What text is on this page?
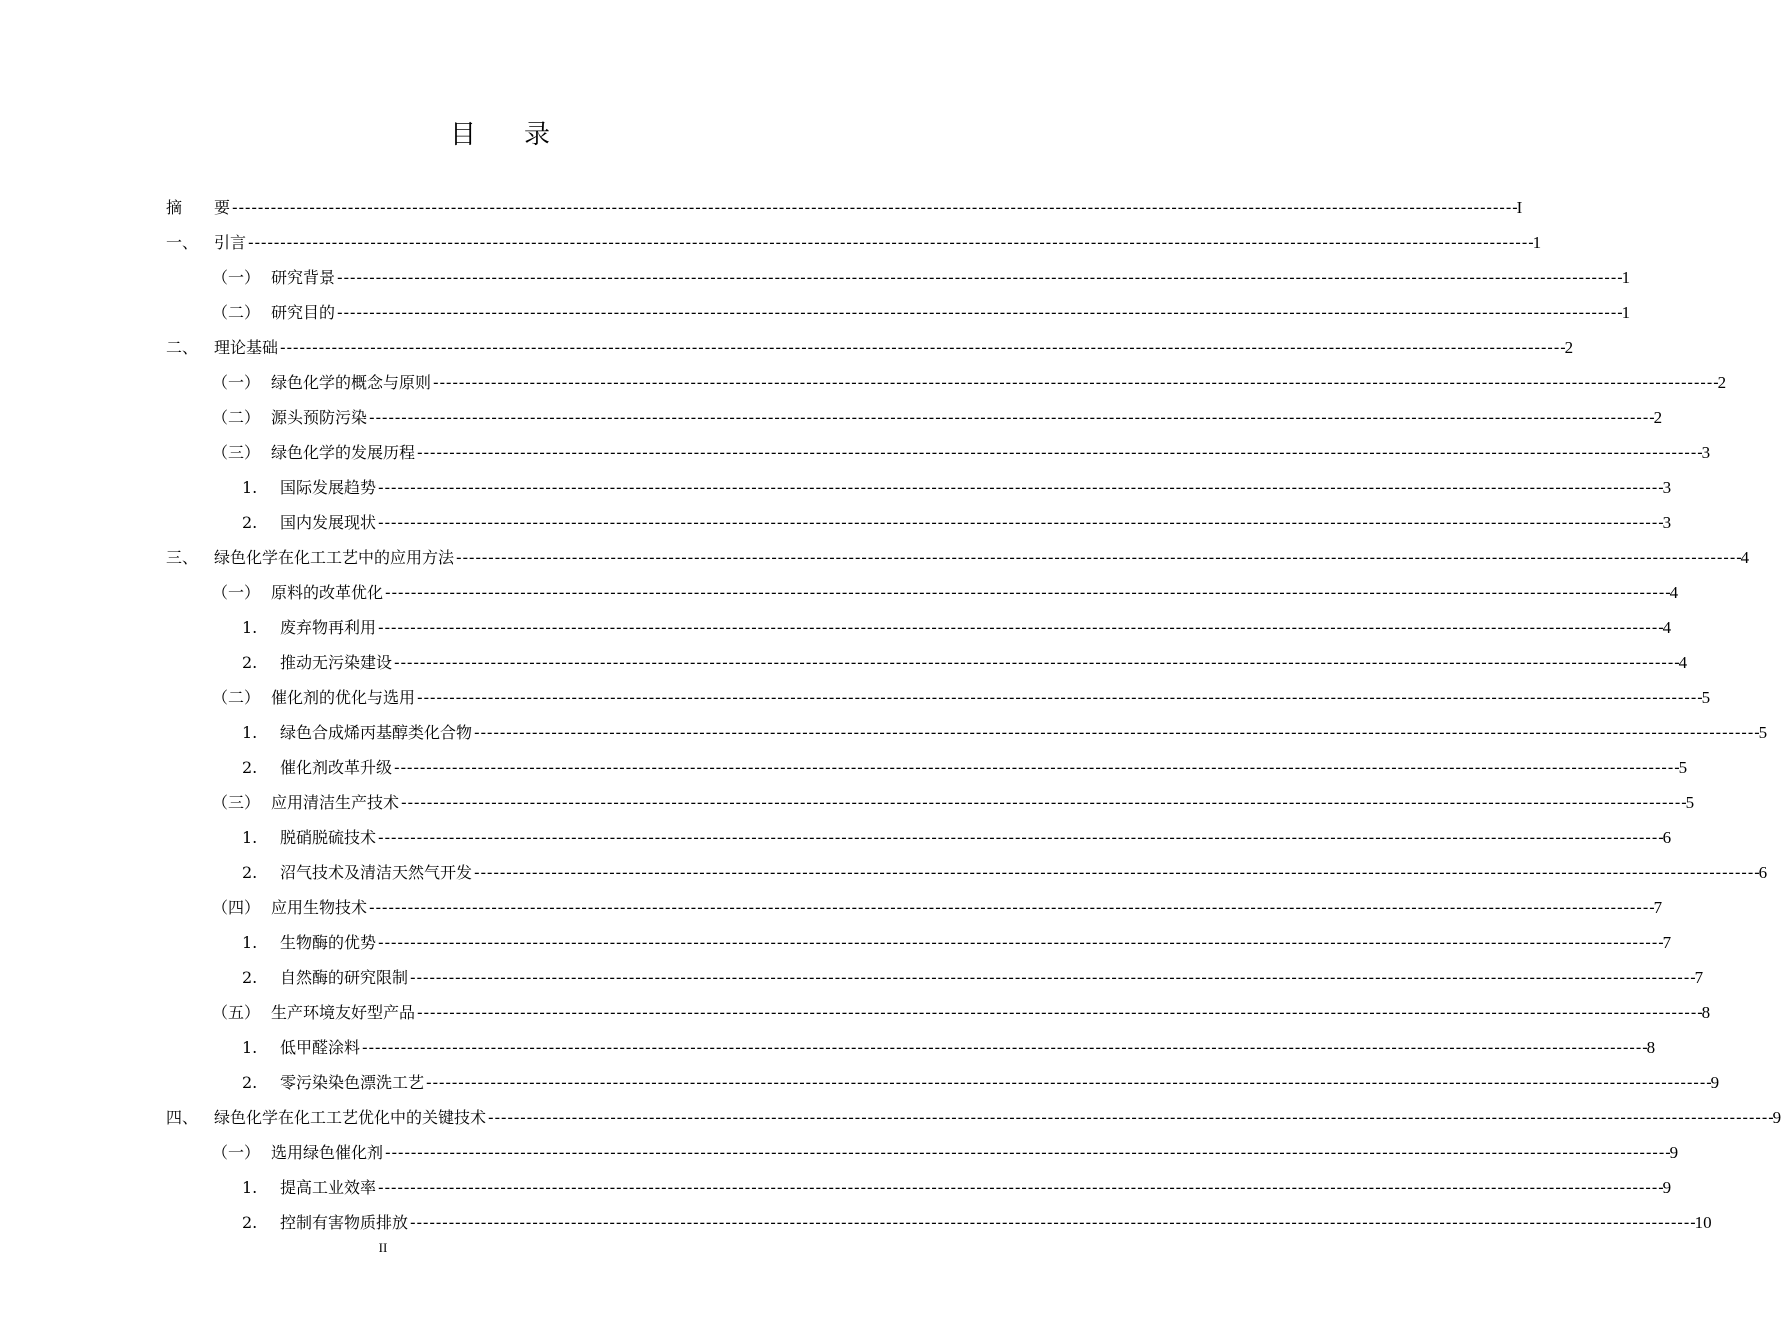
目 录
摘	要 -------------------------------------------------------------------------------------------------------------------------------------------------------------------------------------------------------- I
一、 引言 -------------------------------------------------------------------------------------------------------------------------------------------------------------------------------------------------------- 1
（一） 研究背景 -------------------------------------------------------------------------------------------------------------------------------------------------------------------------------------------------------- 1
（二） 研究目的 -------------------------------------------------------------------------------------------------------------------------------------------------------------------------------------------------------- 1
二、 理论基础 -------------------------------------------------------------------------------------------------------------------------------------------------------------------------------------------------------- 2
（一） 绿色化学的概念与原则 -------------------------------------------------------------------------------------------------------------------------------------------------------------------------------------------------------- 2
（二） 源头预防污染 -------------------------------------------------------------------------------------------------------------------------------------------------------------------------------------------------------- 2
（三） 绿色化学的发展历程 -------------------------------------------------------------------------------------------------------------------------------------------------------------------------------------------------------- 3
1.	国际发展趋势 -------------------------------------------------------------------------------------------------------------------------------------------------------------------------------------------------------- 3
2.	国内发展现状 -------------------------------------------------------------------------------------------------------------------------------------------------------------------------------------------------------- 3
三、 绿色化学在化工工艺中的应用方法 -------------------------------------------------------------------------------------------------------------------------------------------------------------------------------------------------------- 4
（一） 原料的改革优化 -------------------------------------------------------------------------------------------------------------------------------------------------------------------------------------------------------- 4
1.	废弃物再利用 -------------------------------------------------------------------------------------------------------------------------------------------------------------------------------------------------------- 4
2.	推动无污染建设 -------------------------------------------------------------------------------------------------------------------------------------------------------------------------------------------------------- 4
（二） 催化剂的优化与选用 -------------------------------------------------------------------------------------------------------------------------------------------------------------------------------------------------------- 5
1.	绿色合成烯丙基醇类化合物 -------------------------------------------------------------------------------------------------------------------------------------------------------------------------------------------------------- 5
2.	催化剂改革升级 -------------------------------------------------------------------------------------------------------------------------------------------------------------------------------------------------------- 5
（三） 应用清洁生产技术 -------------------------------------------------------------------------------------------------------------------------------------------------------------------------------------------------------- 5
1.	脱硝脱硫技术 -------------------------------------------------------------------------------------------------------------------------------------------------------------------------------------------------------- 6
2.	沼气技术及清洁天然气开发 -------------------------------------------------------------------------------------------------------------------------------------------------------------------------------------------------------- 6
（四） 应用生物技术 -------------------------------------------------------------------------------------------------------------------------------------------------------------------------------------------------------- 7
1.	生物酶的优势 -------------------------------------------------------------------------------------------------------------------------------------------------------------------------------------------------------- 7
2.	自然酶的研究限制 -------------------------------------------------------------------------------------------------------------------------------------------------------------------------------------------------------- 7
（五） 生产环境友好型产品 -------------------------------------------------------------------------------------------------------------------------------------------------------------------------------------------------------- 8
1.	低甲醛涂料 -------------------------------------------------------------------------------------------------------------------------------------------------------------------------------------------------------- 8
2.	零污染染色漂洗工艺 -------------------------------------------------------------------------------------------------------------------------------------------------------------------------------------------------------- 9
四、 绿色化学在化工工艺优化中的关键技术 -------------------------------------------------------------------------------------------------------------------------------------------------------------------------------------------------------- 9
（一） 选用绿色催化剂 -------------------------------------------------------------------------------------------------------------------------------------------------------------------------------------------------------- 9
1.	提高工业效率 -------------------------------------------------------------------------------------------------------------------------------------------------------------------------------------------------------- 9
2.	控制有害物质排放 -------------------------------------------------------------------------------------------------------------------------------------------------------------------------------------------------------- 10
II
